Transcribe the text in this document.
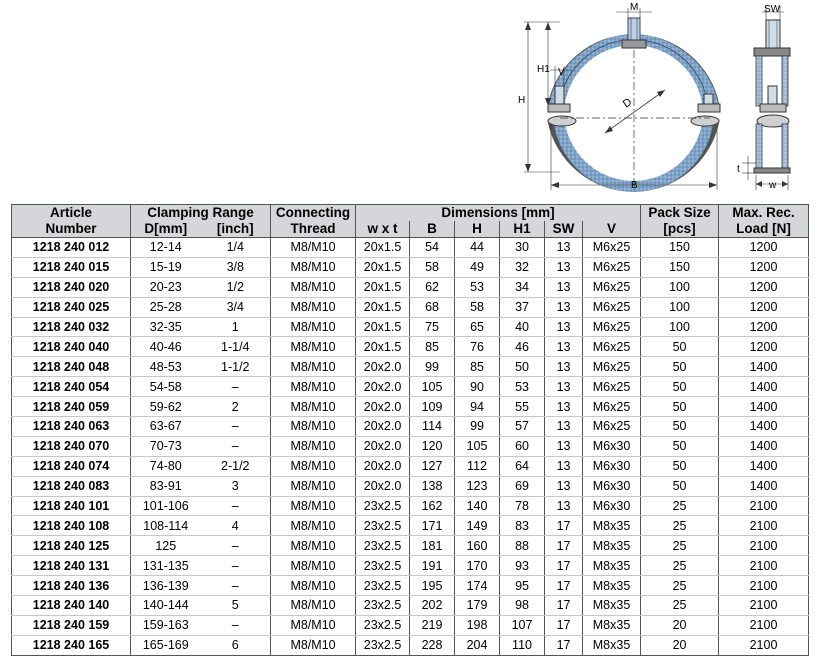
D
M
H
H1 V
B
SW
w
t
Article	Clamping Range		Connecting	Dimensions [mm]						Pack Size	Max. Rec.
Number	D[mm]	[inch]	Thread	w x t	B	H	H1	SW	V	[pcs]	Load [N]
1218 240 012	12-14	1/4	M8/M10	20x1.5	54	44	30	13	M6x25	150	1200
1218 240 015	15-19	3/8	M8/M10	20x1.5	58	49	32	13	M6x25	150	1200
1218 240 020	20-23	1/2	M8/M10	20x1.5	62	53	34	13	M6x25	100	1200
1218 240 025	25-28	3/4	M8/M10	20x1.5	68	58	37	13	M6x25	100	1200
1218 240 032	32-35	1	M8/M10	20x1.5	75	65	40	13	M6x25	100	1200
1218 240 040	40-46	1-1/4	M8/M10	20x1.5	85	76	46	13	M6x25	50	1200
1218 240 048	48-53	1-1/2	M8/M10	20x2.0	99	85	50	13	M6x25	50	1400
1218 240 054	54-58	–	M8/M10	20x2.0	105	90	53	13	M6x25	50	1400
1218 240 059	59-62	2	M8/M10	20x2.0	109	94	55	13	M6x25	50	1400
1218 240 063	63-67	–	M8/M10	20x2.0	114	99	57	13	M6x25	50	1400
1218 240 070	70-73	–	M8/M10	20x2.0	120	105	60	13	M6x30	50	1400
1218 240 074	74-80	2-1/2	M8/M10	20x2.0	127	112	64	13	M6x30	50	1400
1218 240 083	83-91	3	M8/M10	20x2.0	138	123	69	13	M6x30	50	1400
1218 240 101	101-106	–	M8/M10	23x2.5	162	140	78	13	M6x30	25	2100
1218 240 108	108-114	4	M8/M10	23x2.5	171	149	83	17	M8x35	25	2100
1218 240 125	125	–	M8/M10	23x2.5	181	160	88	17	M8x35	25	2100
1218 240 131	131-135	–	M8/M10	23x2.5	191	170	93	17	M8x35	25	2100
1218 240 136	136-139	–	M8/M10	23x2.5	195	174	95	17	M8x35	25	2100
1218 240 140	140-144	5	M8/M10	23x2.5	202	179	98	17	M8x35	25	2100
1218 240 159	159-163	–	M8/M10	23x2.5	219	198	107	17	M8x35	20	2100
1218 240 165	165-169	6	M8/M10	23x2.5	228	204	110	17	M8x35	20	2100
